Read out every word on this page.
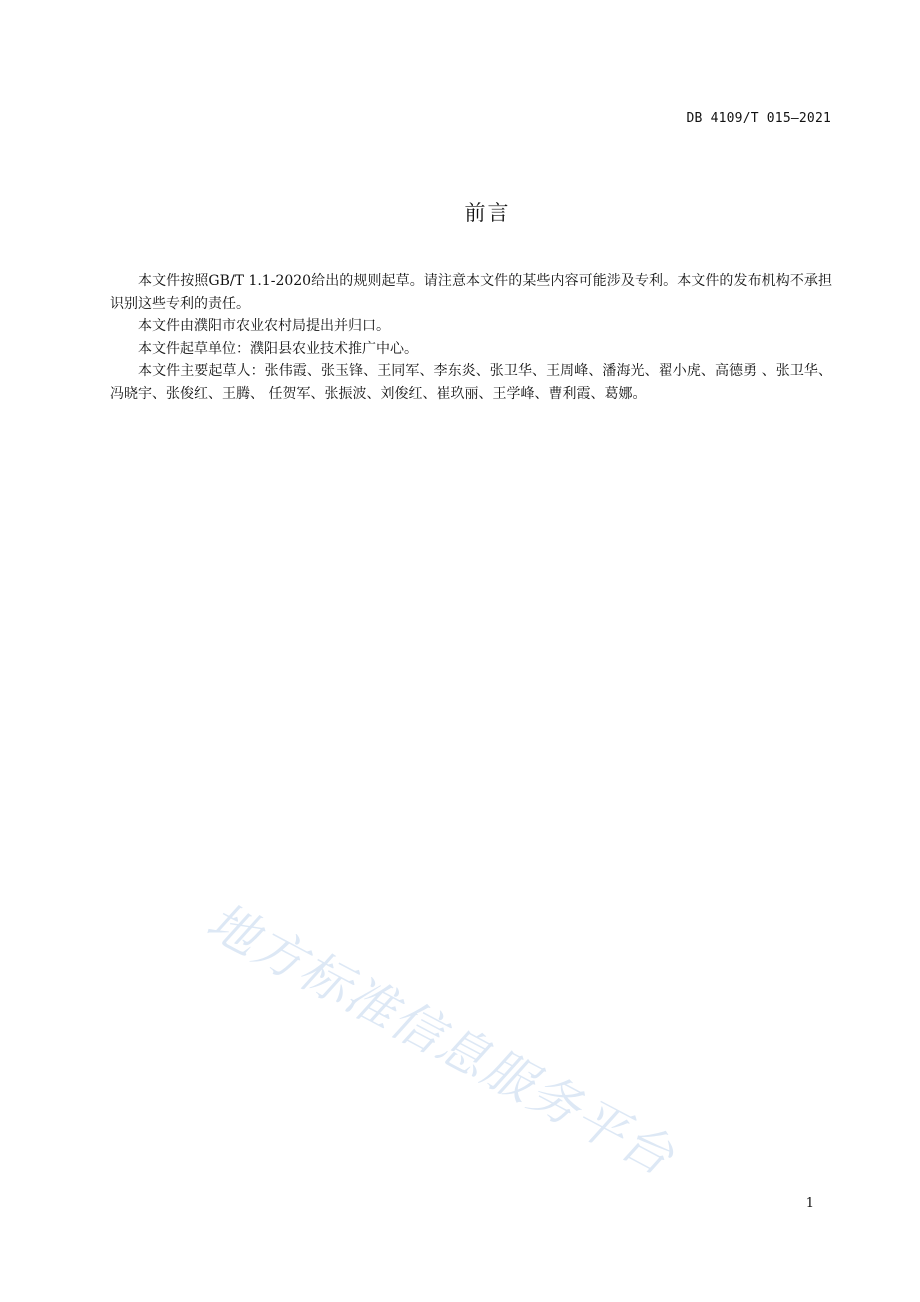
DB 4109/T 015—2021
前言

本文件按照GB/T 1.1-2020给出的规则起草。请注意本文件的某些内容可能涉及专利。本文件的发布机构不承担识别这些专利的责任。

本文件由濮阳市农业农村局提出并归口。

本文件起草单位：濮阳县农业技术推广中心。

本文件主要起草人：张伟霞、张玉锋、王同军、李东炎、张卫华、王周峰、潘海光、翟小虎、高德勇 、张卫华、冯晓宇、张俊红、王腾、 任贺军、张振波、刘俊红、崔玖丽、王学峰、曹利霞、葛娜。

地方标准信息服务平台
1
